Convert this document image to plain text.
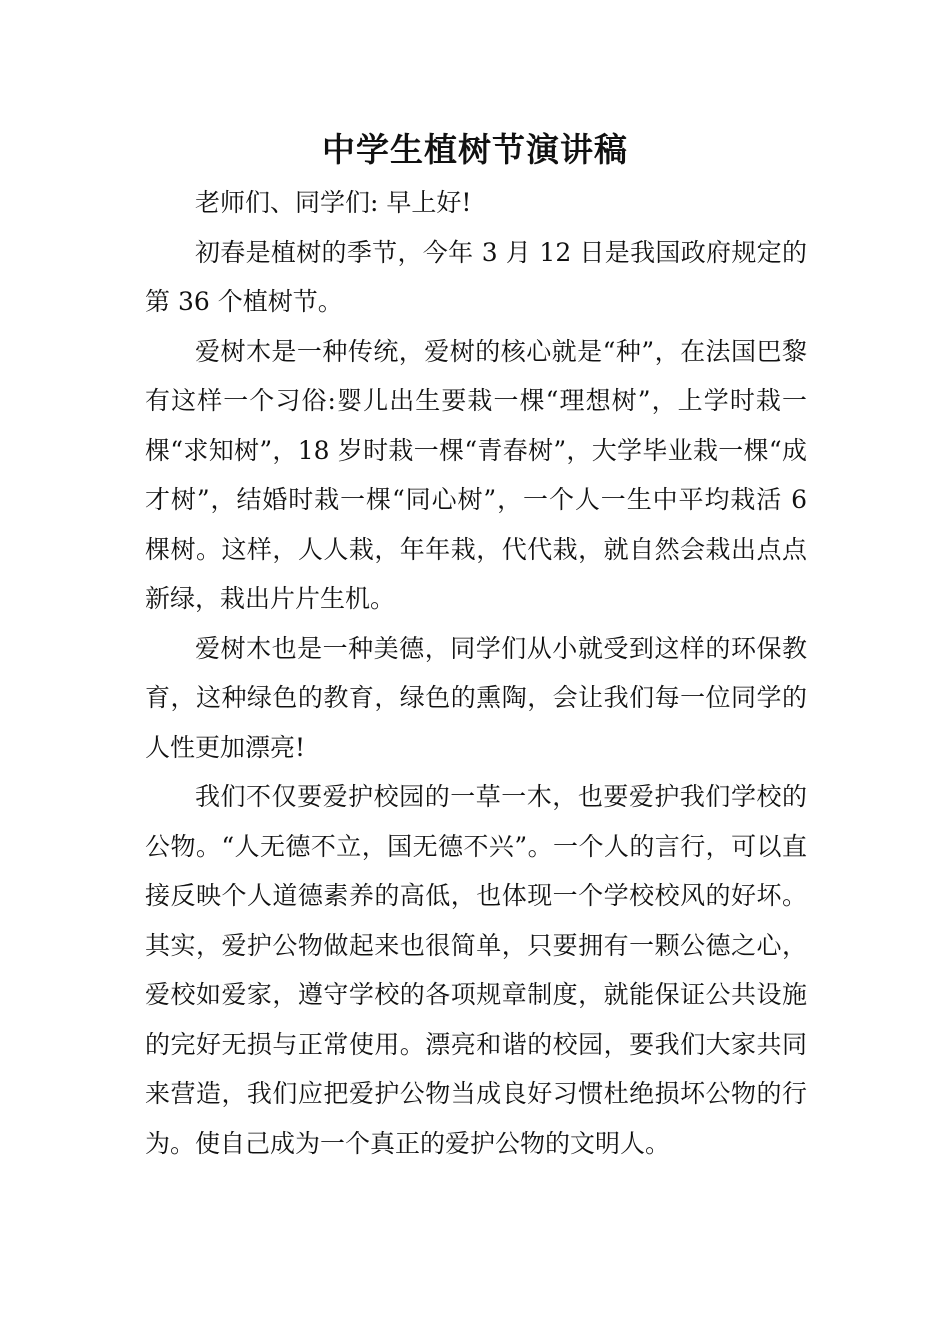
中学生植树节演讲稿

老师们、同学们: 早上好!

初春是植树的季节，今年 3 月 12 日是我国政府规定的第 36 个植树节。

爱树木是一种传统，爱树的核心就是“种”，在法国巴黎有这样一个习俗:婴儿出生要栽一棵“理想树”，上学时栽一棵“求知树”，18 岁时栽一棵“青春树”，大学毕业栽一棵“成才树”，结婚时栽一棵“同心树”，一个人一生中平均栽活 6 棵树。这样，人人栽，年年栽，代代栽，就自然会栽出点点新绿，栽出片片生机。

爱树木也是一种美德，同学们从小就受到这样的环保教育，这种绿色的教育，绿色的熏陶，会让我们每一位同学的人性更加漂亮!

我们不仅要爱护校园的一草一木，也要爱护我们学校的公物。“人无德不立，国无德不兴”。一个人的言行，可以直接反映个人道德素养的高低，也体现一个学校校风的好坏。其实，爱护公物做起来也很简单，只要拥有一颗公德之心，爱校如爱家，遵守学校的各项规章制度，就能保证公共设施的完好无损与正常使用。漂亮和谐的校园，要我们大家共同来营造，我们应把爱护公物当成良好习惯杜绝损坏公物的行为。使自己成为一个真正的爱护公物的文明人。
